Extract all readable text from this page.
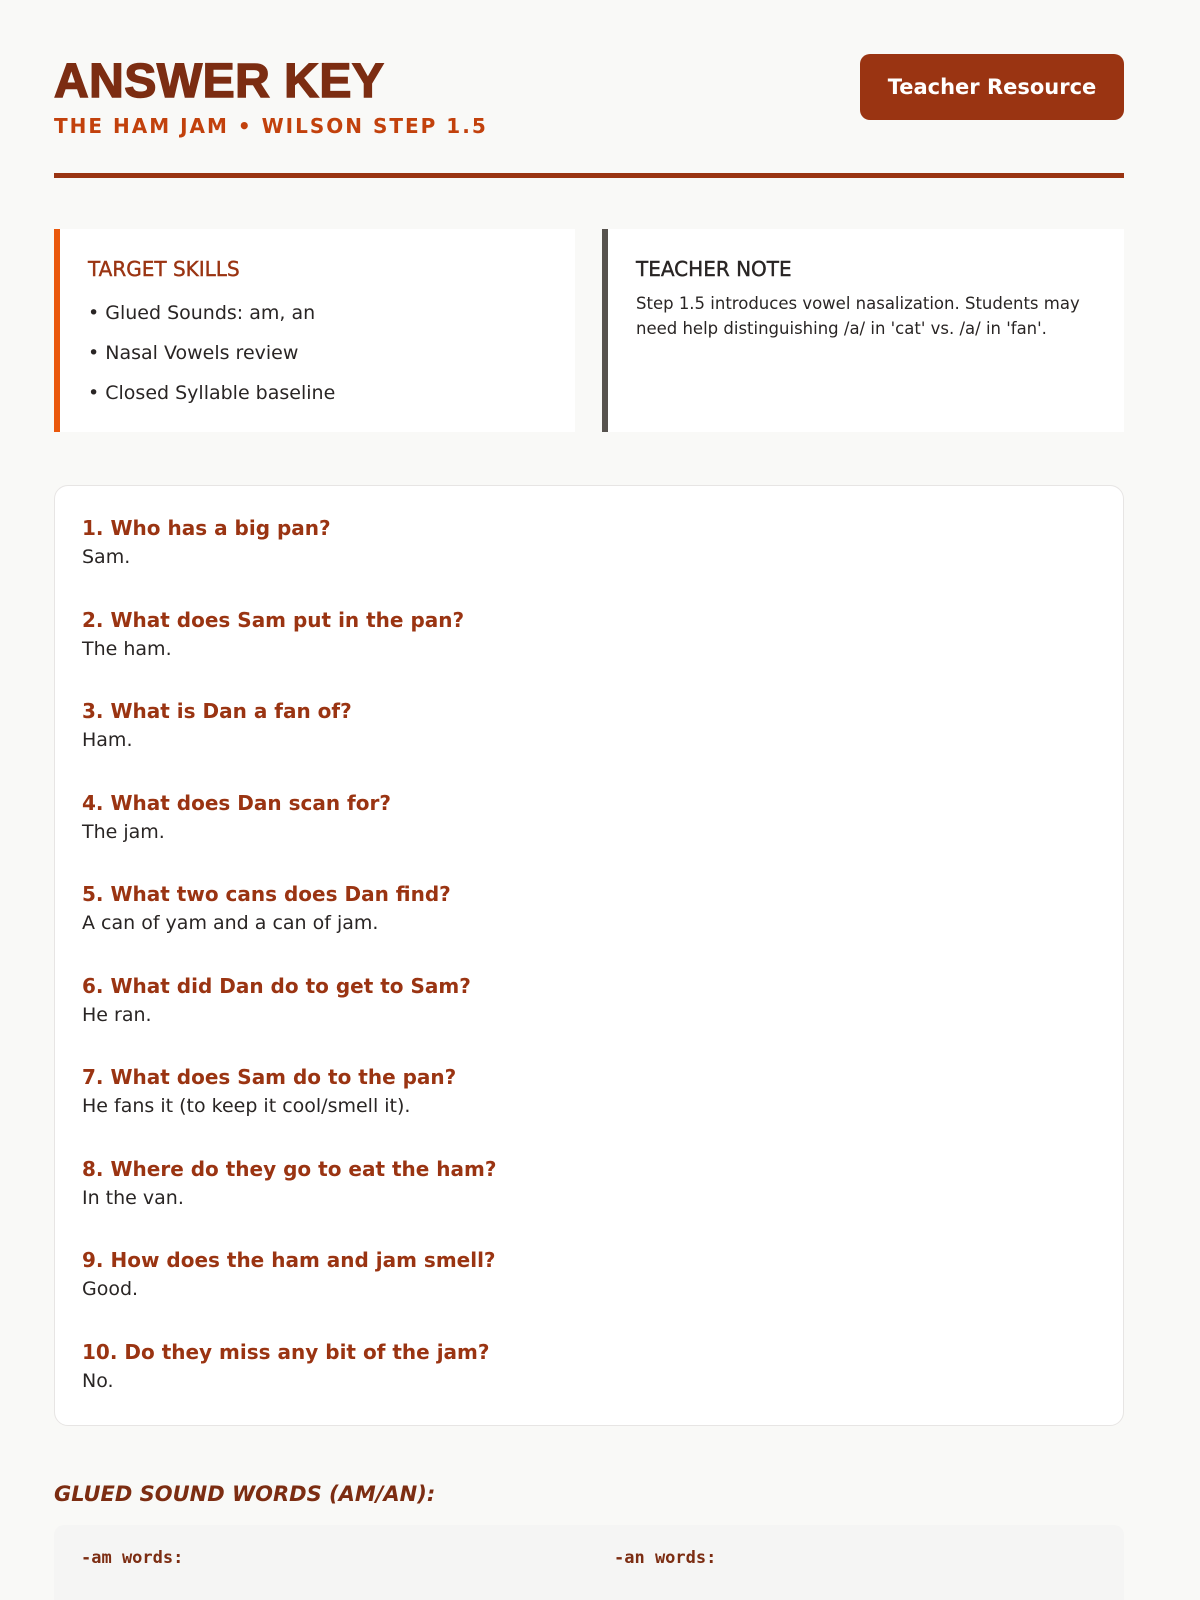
ANSWER KEY
THE HAM JAM • WILSON STEP 1.5
Teacher Resource
TARGET SKILLS
• Glued Sounds: am, an
• Nasal Vowels review
• Closed Syllable baseline
TEACHER NOTE

Step 1.5 introduces vowel nasalization. Students may need help distinguishing /a/ in 'cat' vs. /a/ in 'fan'.

1. Who has a big pan?
Sam.
2. What does Sam put in the pan?
The ham.
3. What is Dan a fan of?
Ham.
4. What does Dan scan for?
The jam.
5. What two cans does Dan find?
A can of yam and a can of jam.
6. What did Dan do to get to Sam?
He ran.
7. What does Sam do to the pan?
He fans it (to keep it cool/smell it).
8. Where do they go to eat the ham?
In the van.
9. How does the ham and jam smell?
Good.
10. Do they miss any bit of the jam?
No.
GLUED SOUND WORDS (AM/AN):
-am words:	-an words:
